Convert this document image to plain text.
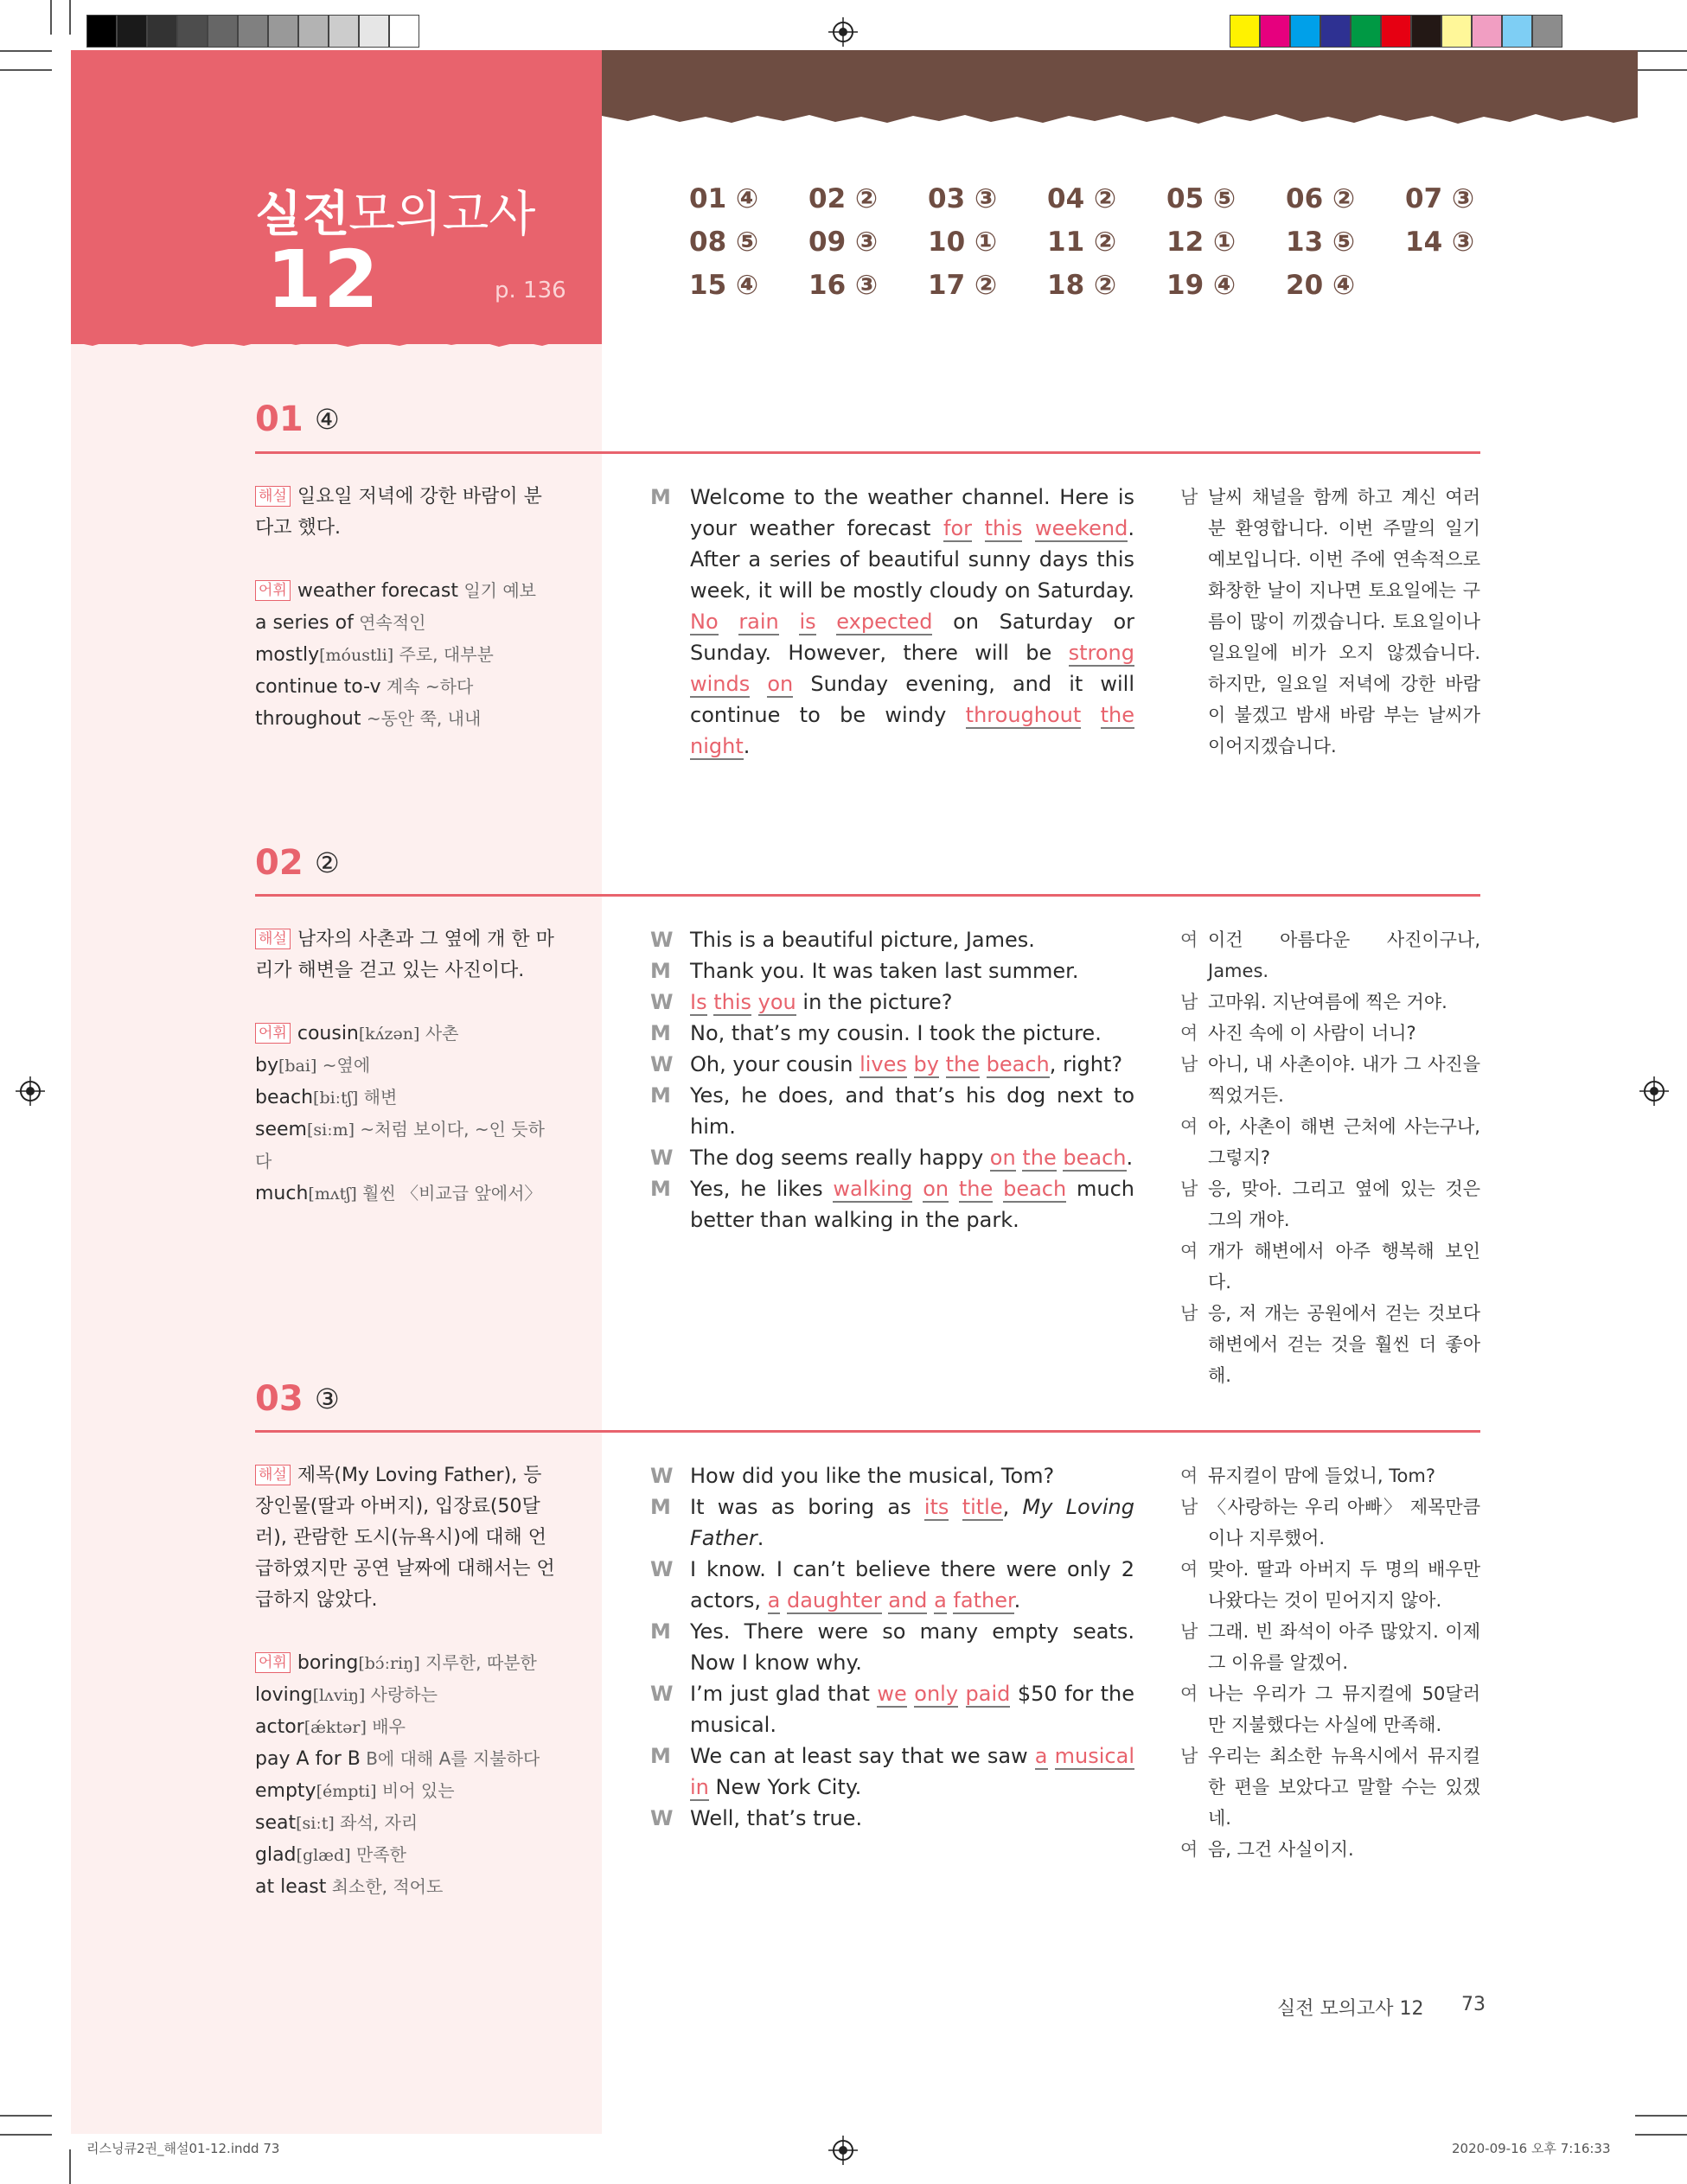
실전
모의고사
12	p. 136
01 ④ 02 ② 03 ③ 04 ② 05 ⑤ 06 ② 07 ③
08 ⑤ 09 ③ 10 ① 11 ② 12 ① 13 ⑤ 14 ③
15 ④ 16 ③ 17 ② 18 ② 19 ④ 20 ④
01 ④
해설 일요일 저녁에 강한 바람이 분다고 했다.
어휘 weather forecast 일기 예보
a series of 연속적인
mostly[móustli] 주로, 대부분
continue to-v 계속 ~하다
throughout ~동안 쭉, 내내
M Welcome to the weather channel. Here is your weather forecast for this weekend. After a series of beautiful sunny days this week, it will be mostly cloudy on Saturday. No rain is expected on Saturday or Sunday. However, there will be strong winds on Sunday evening, and it will continue to be windy throughout the night.
남 날씨 채널을 함께 하고 계신 여러분 환영합니다. 이번 주말의 일기 예보입니다. 이번 주에 연속적으로 화창한 날이 지나면 토요일에는 구름이 많이 끼겠습니다. 토요일이나 일요일에 비가 오지 않겠습니다. 하지만, 일요일 저녁에 강한 바람이 불겠고 밤새 바람 부는 날씨가 이어지겠습니다.
02 ②
해설 남자의 사촌과 그 옆에 개 한 마리가 해변을 걷고 있는 사진이다.
어휘 cousin[kʌ́zən] 사촌
by[bai] ~옆에
beach[biːtʃ] 해변
seem[siːm] ~처럼 보이다, ~인 듯하다
much[mʌtʃ] 훨씬 〈비교급 앞에서〉
W This is a beautiful picture, James.
M Thank you. It was taken last summer.
W Is this you in the picture?
M No, that’s my cousin. I took the picture.
W Oh, your cousin lives by the beach, right?
M Yes, he does, and that’s his dog next to him.
W The dog seems really happy on the beach.
M Yes, he likes walking on the beach much better than walking in the park.
여 이건 아름다운 사진이구나, James.
남 고마워. 지난여름에 찍은 거야.
여 사진 속에 이 사람이 너니?
남 아니, 내 사촌이야. 내가 그 사진을 찍었거든.
여 아, 사촌이 해변 근처에 사는구나, 그렇지?
남 응, 맞아. 그리고 옆에 있는 것은 그의 개야.
여 개가 해변에서 아주 행복해 보인다.
남 응, 저 개는 공원에서 걷는 것보다 해변에서 걷는 것을 훨씬 더 좋아해.
03 ③
해설 제목(My Loving Father), 등장인물(딸과 아버지), 입장료(50달러), 관람한 도시(뉴욕시)에 대해 언급하였지만 공연 날짜에 대해서는 언급하지 않았다.
어휘 boring[bɔ́ːriŋ] 지루한, 따분한
loving[lʌviŋ] 사랑하는
actor[ǽktər] 배우
pay A for B B에 대해 A를 지불하다
empty[émpti] 비어 있는
seat[siːt] 좌석, 자리
glad[glæd] 만족한
at least 최소한, 적어도
W How did you like the musical, Tom?
M It was as boring as its title, My Loving Father.
W I know. I can’t believe there were only 2 actors, a daughter and a father.
M Yes. There were so many empty seats. Now I know why.
W I’m just glad that we only paid $50 for the musical.
M We can at least say that we saw a musical in New York City.
W Well, that’s true.
여 뮤지컬이 맘에 들었니, Tom?
남 〈사랑하는 우리 아빠〉 제목만큼이나 지루했어.
여 맞아. 딸과 아버지 두 명의 배우만 나왔다는 것이 믿어지지 않아.
남 그래. 빈 좌석이 아주 많았지. 이제 그 이유를 알겠어.
여 나는 우리가 그 뮤지컬에 50달러만 지불했다는 사실에 만족해.
남 우리는 최소한 뉴욕시에서 뮤지컬 한 편을 보았다고 말할 수는 있겠네.
여 음, 그건 사실이지.
실전 모의고사 12 73
리스닝큐2권_해설01-12.indd 73	2020-09-16 오후 7:16:33
